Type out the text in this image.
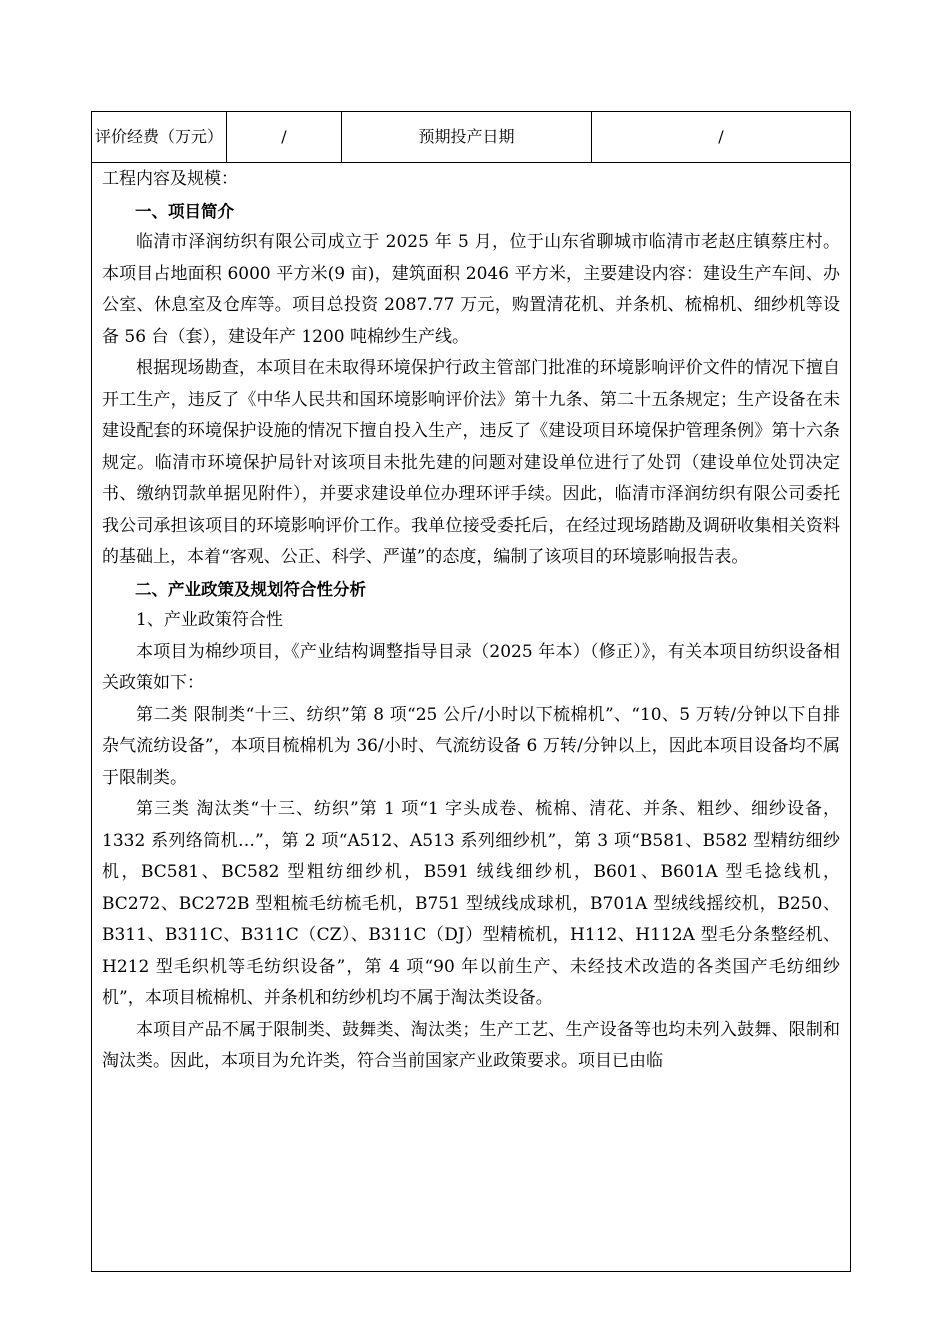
评价经费（万元）	/	预期投产日期	/

工程内容及规模：

一、项目简介

临清市泽润纺织有限公司成立于 2025 年 5 月，位于山东省聊城市临清市老赵庄镇蔡庄村。本项目占地面积 6000 平方米(9 亩)，建筑面积 2046 平方米，主要建设内容：建设生产车间、办公室、休息室及仓库等。项目总投资 2087.77 万元，购置清花机、并条机、梳棉机、细纱机等设备 56 台（套），建设年产 1200 吨棉纱生产线。

根据现场勘查，本项目在未取得环境保护行政主管部门批准的环境影响评价文件的情况下擅自开工生产，违反了《中华人民共和国环境影响评价法》第十九条、第二十五条规定；生产设备在未建设配套的环境保护设施的情况下擅自投入生产，违反了《建设项目环境保护管理条例》第十六条规定。临清市环境保护局针对该项目未批先建的问题对建设单位进行了处罚（建设单位处罚决定书、缴纳罚款单据见附件），并要求建设单位办理环评手续。因此，临清市泽润纺织有限公司委托我公司承担该项目的环境影响评价工作。我单位接受委托后，在经过现场踏勘及调研收集相关资料的基础上，本着“客观、公正、科学、严谨”的态度，编制了该项目的环境影响报告表。

二、产业政策及规划符合性分析

1、产业政策符合性

本项目为棉纱项目，《产业结构调整指导目录（2025 年本）（修正）》，有关本项目纺织设备相关政策如下：

第二类 限制类“十三、纺织”第 8 项“25 公斤/小时以下梳棉机”、“10、5 万转/分钟以下自排杂气流纺设备”，本项目梳棉机为 36/小时、气流纺设备 6 万转/分钟以上，因此本项目设备均不属于限制类。

第三类 淘汰类“十三、纺织”第 1 项“1 字头成卷、梳棉、清花、并条、粗纱、细纱设备，1332 系列络筒机…”，第 2 项“A512、A513 系列细纱机”，第 3 项“B581、B582 型精纺细纱机，BC581、BC582 型粗纺细纱机，B591 绒线细纱机，B601、B601A 型毛捻线机，BC272、BC272B 型粗梳毛纺梳毛机，B751 型绒线成球机，B701A 型绒线摇绞机，B250、B311、B311C、B311C（CZ）、B311C（DJ）型精梳机，H112、H112A 型毛分条整经机、H212 型毛织机等毛纺织设备”，第 4 项“90 年以前生产、未经技术改造的各类国产毛纺细纱机”，本项目梳棉机、并条机和纺纱机均不属于淘汰类设备。

本项目产品不属于限制类、鼓舞类、淘汰类；生产工艺、生产设备等也均未列入鼓舞、限制和淘汰类。因此，本项目为允许类，符合当前国家产业政策要求。项目已由临
